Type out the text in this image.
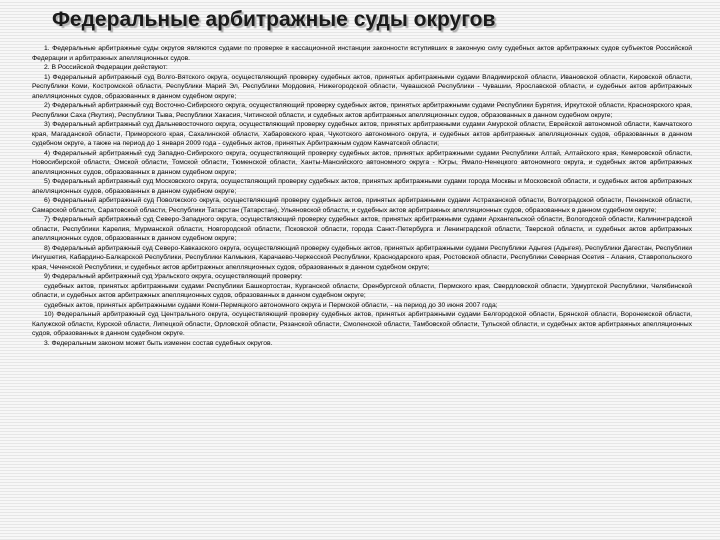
Федеральные арбитражные суды округов

1. Федеральные арбитражные суды округов являются судами по проверке в кассационной инстанции законности вступивших в законную силу судебных актов арбитражных судов субъектов Российской Федерации и арбитражных апелляционных судов.

2. В Российской Федерации действуют:

1) Федеральный арбитражный суд Волго-Вятского округа, осуществляющий проверку судебных актов, принятых арбитражными судами Владимирской области, Ивановской области, Кировской области, Республики Коми, Костромской области, Республики Марий Эл, Республики Мордовия, Нижегородской области, Чувашской Республики - Чувашии, Ярославской области, и судебных актов арбитражных апелляционных судов, образованных в данном судебном округе;

2) Федеральный арбитражный суд Восточно-Сибирского округа, осуществляющий проверку судебных актов, принятых арбитражными судами Республики Бурятия, Иркутской области, Красноярского края, Республики Саха (Якутия), Республики Тыва, Республики Хакасия, Читинской области, и судебных актов арбитражных апелляционных судов, образованных в данном судебном округе;

3) Федеральный арбитражный суд Дальневосточного округа, осуществляющий проверку судебных актов, принятых арбитражными судами Амурской области, Еврейской автономной области, Камчатского края, Магаданской области, Приморского края, Сахалинской области, Хабаровского края, Чукотского автономного округа, и судебных актов арбитражных апелляционных судов, образованных в данном судебном округе, а также на период до 1 января 2009 года - судебных актов, принятых Арбитражным судом Камчатской области;

4) Федеральный арбитражный суд Западно-Сибирского округа, осуществляющий проверку судебных актов, принятых арбитражными судами Республики Алтай, Алтайского края, Кемеровской области, Новосибирской области, Омской области, Томской области, Тюменской области, Ханты-Мансийского автономного округа - Югры, Ямало-Ненецкого автономного округа, и судебных актов арбитражных апелляционных судов, образованных в данном судебном округе;

5) Федеральный арбитражный суд Московского округа, осуществляющий проверку судебных актов, принятых арбитражными судами города Москвы и Московской области, и судебных актов арбитражных апелляционных судов, образованных в данном судебном округе;

6) Федеральный арбитражный суд Поволжского округа, осуществляющий проверку судебных актов, принятых арбитражными судами Астраханской области, Волгоградской области, Пензенской области, Самарской области, Саратовской области, Республики Татарстан (Татарстан), Ульяновской области, и судебных актов арбитражных апелляционных судов, образованных в данном судебном округе;

7) Федеральный арбитражный суд Северо-Западного округа, осуществляющий проверку судебных актов, принятых арбитражными судами Архангельской области, Вологодской области, Калининградской области, Республики Карелия, Мурманской области, Новгородской области, Псковской области, города Санкт-Петербурга и Ленинградской области, Тверской области, и судебных актов арбитражных апелляционных судов, образованных в данном судебном округе;

8) Федеральный арбитражный суд Северо-Кавказского округа, осуществляющий проверку судебных актов, принятых арбитражными судами Республики Адыгея (Адыгея), Республики Дагестан, Республики Ингушетия, Кабардино-Балкарской Республики, Республики Калмыкия, Карачаево-Черкесской Республики, Краснодарского края, Ростовской области, Республики Северная Осетия - Алания, Ставропольского края, Чеченской Республики, и судебных актов арбитражных апелляционных судов, образованных в данном судебном округе;

9) Федеральный арбитражный суд Уральского округа, осуществляющий проверку:

судебных актов, принятых арбитражными судами Республики Башкортостан, Курганской области, Оренбургской области, Пермского края, Свердловской области, Удмуртской Республики, Челябинской области, и судебных актов арбитражных апелляционных судов, образованных в данном судебном округе;

судебных актов, принятых арбитражными судами Коми-Пермяцкого автономного округа и Пермской области, - на период до 30 июня 2007 года;

10) Федеральный арбитражный суд Центрального округа, осуществляющий проверку судебных актов, принятых арбитражными судами Белгородской области, Брянской области, Воронежской области, Калужской области, Курской области, Липецкой области, Орловской области, Рязанской области, Смоленской области, Тамбовской области, Тульской области, и судебных актов арбитражных апелляционных судов, образованных в данном судебном округе.

3. Федеральным законом может быть изменен состав судебных округов.
